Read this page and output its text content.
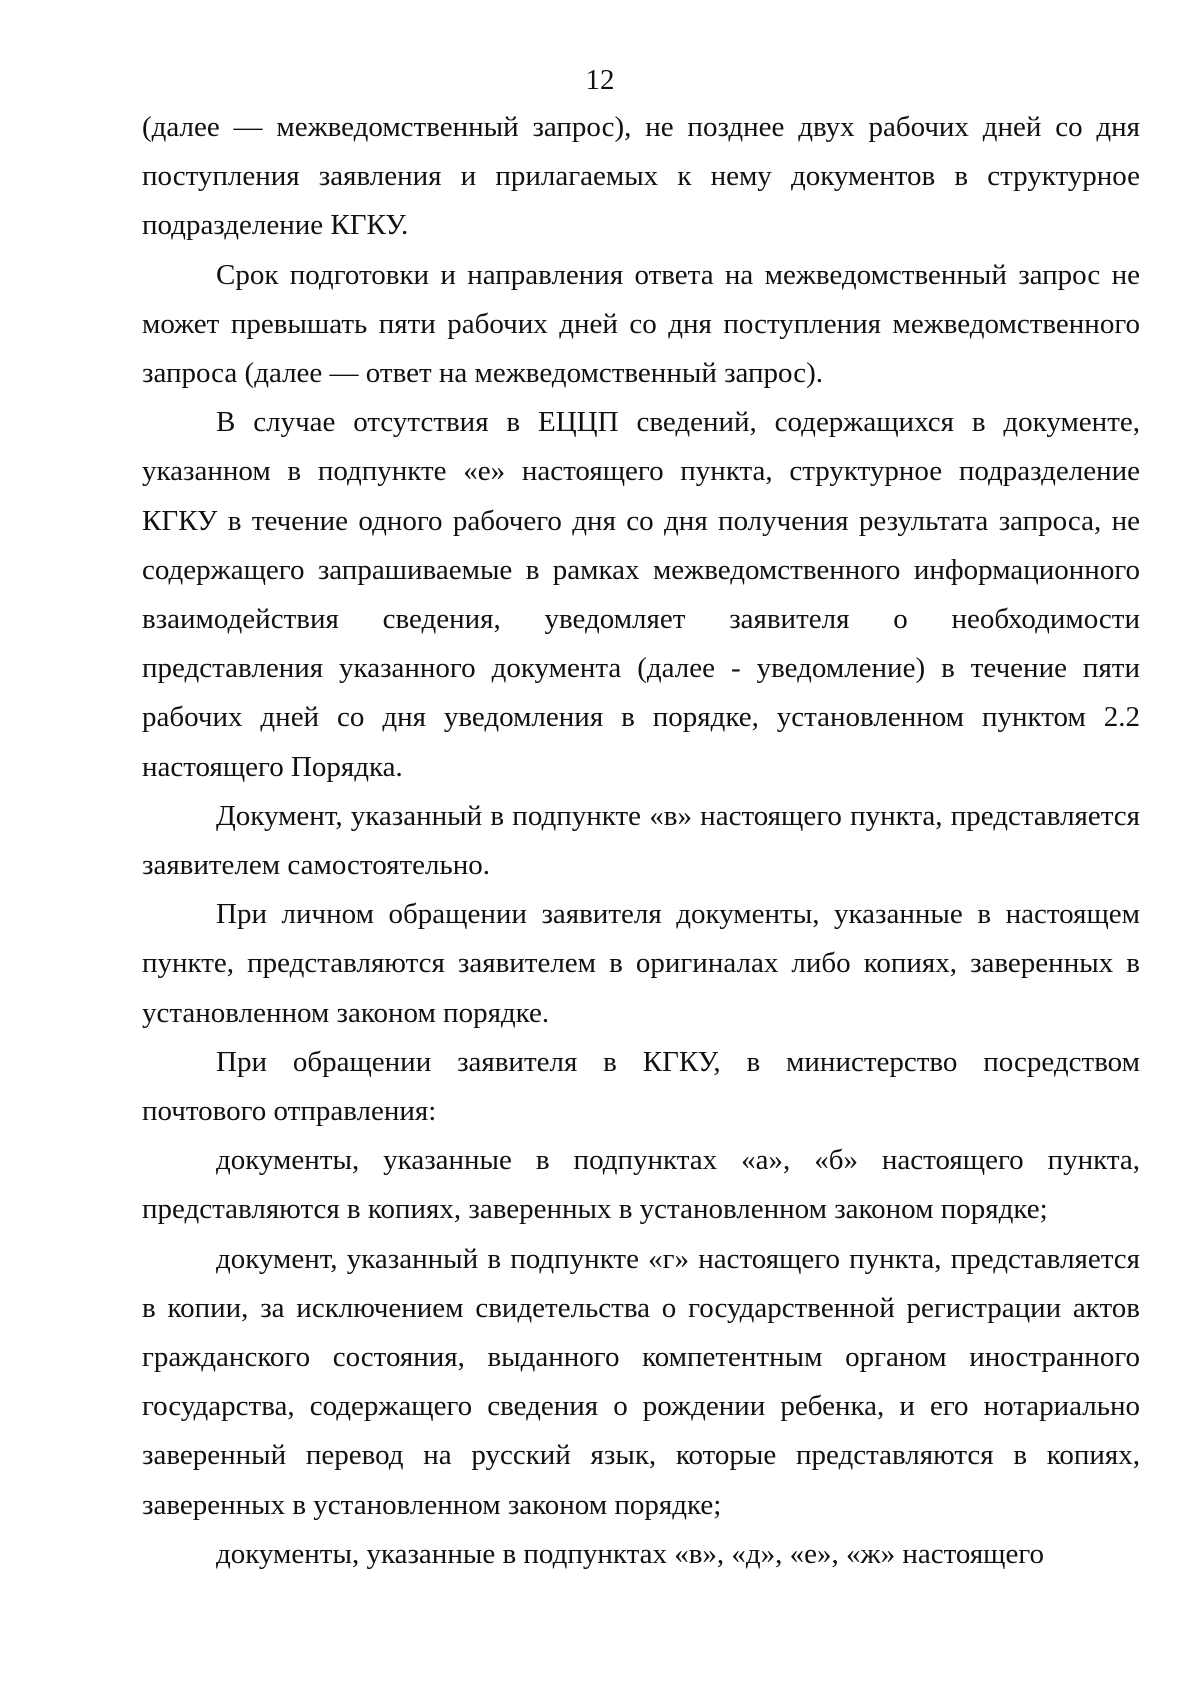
12

(далее — межведомственный запрос), не позднее двух рабочих дней со дня поступления заявления и прилагаемых к нему документов в структурное подразделение КГКУ.

Срок подготовки и направления ответа на межведомственный запрос не может превышать пяти рабочих дней со дня поступления межведомственного запроса (далее — ответ на межведомственный запрос).

В случае отсутствия в ЕЦЦП сведений, содержащихся в документе, указанном в подпункте «е» настоящего пункта, структурное подразделение КГКУ в течение одного рабочего дня со дня получения результата запроса, не содержащего запрашиваемые в рамках межведомственного информационного взаимодействия сведения, уведомляет заявителя о необходимости представления указанного документа (далее - уведомление) в течение пяти рабочих дней со дня уведомления в порядке, установленном пунктом 2.2 настоящего Порядка.

Документ, указанный в подпункте «в» настоящего пункта, представляется заявителем самостоятельно.

При личном обращении заявителя документы, указанные в настоящем пункте, представляются заявителем в оригиналах либо копиях, заверенных в установленном законом порядке.

При обращении заявителя в КГКУ, в министерство посредством почтового отправления:

документы, указанные в подпунктах «а», «б» настоящего пункта, представляются в копиях, заверенных в установленном законом порядке;

документ, указанный в подпункте «г» настоящего пункта, представляется в копии, за исключением свидетельства о государственной регистрации актов гражданского состояния, выданного компетентным органом иностранного государства, содержащего сведения о рождении ребенка, и его нотариально заверенный перевод на русский язык, которые представляются в копиях, заверенных в установленном законом порядке;

документы, указанные в подпунктах «в», «д», «е», «ж» настоящего
